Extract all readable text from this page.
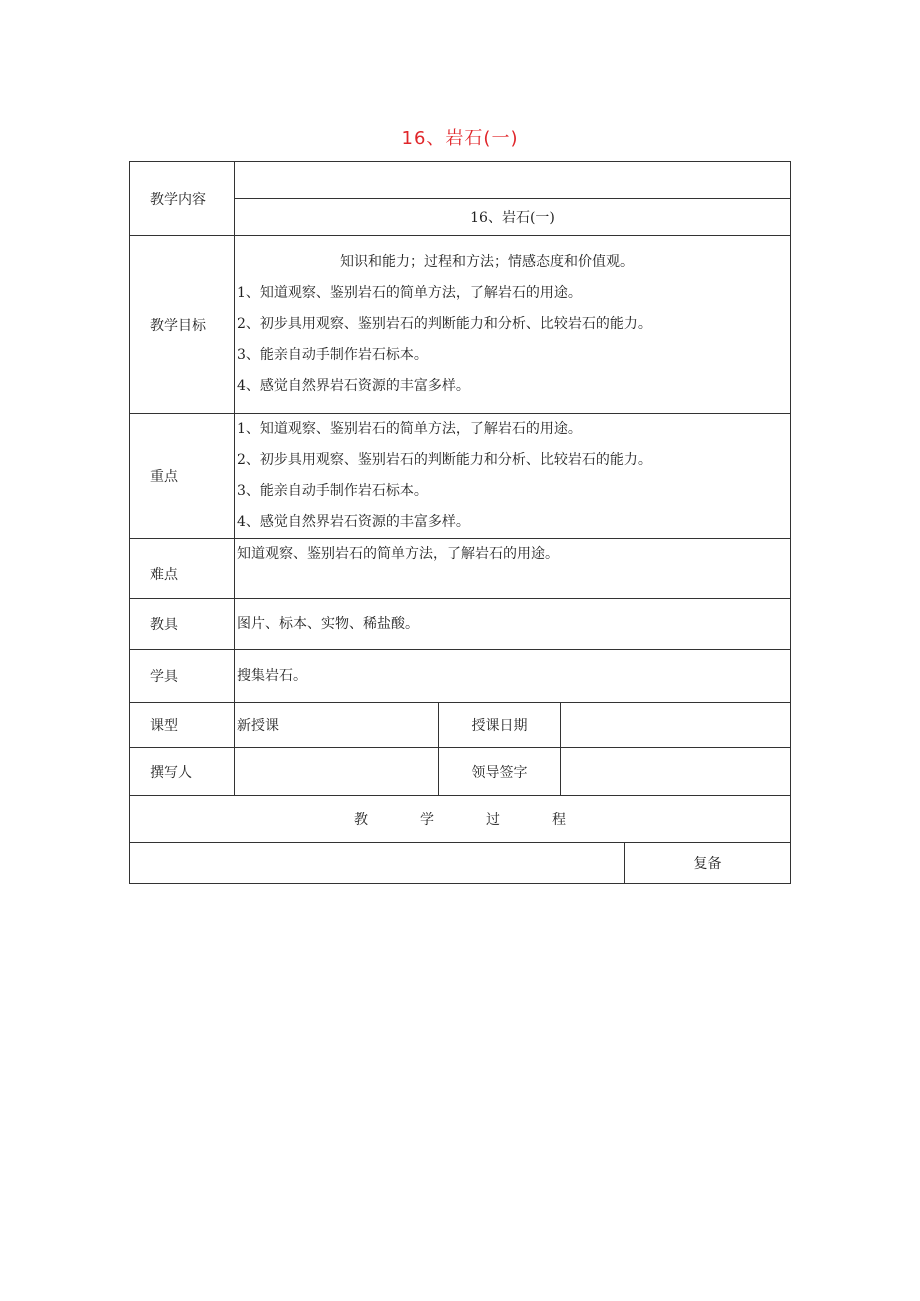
16、岩石(一)
教学内容				
	16、岩石(一)			
教学目标	知识和能力；过程和方法；情感态度和价值观。
1、知道观察、鉴别岩石的简单方法，了解岩石的用途。
2、初步具用观察、鉴别岩石的判断能力和分析、比较岩石的能力。
3、能亲自动手制作岩石标本。
4、感觉自然界岩石资源的丰富多样。			

重点	1、知道观察、鉴别岩石的简单方法，了解岩石的用途。
2、初步具用观察、鉴别岩石的判断能力和分析、比较岩石的能力。
3、能亲自动手制作岩石标本。
4、感觉自然界岩石资源的丰富多样。			

难点	知道观察、鉴别岩石的简单方法，了解岩石的用途。			

教具	图片、标本、实物、稀盐酸。			

学具	搜集岩石。			

课型	新授课	授课日期		
撰写人		领导签字		
教 学 过 程				
				复备
